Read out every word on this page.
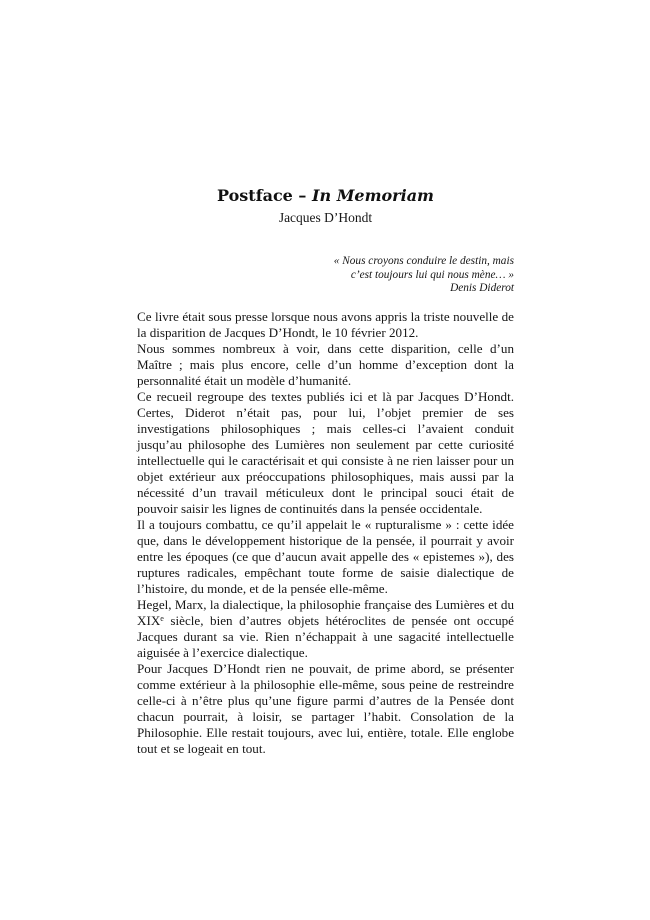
Postface – In Memoriam
Jacques D’Hondt
« Nous croyons conduire le destin, mais
c’est toujours lui qui nous mène… »
Denis Diderot

Ce livre était sous presse lorsque nous avons appris la triste nouvelle de la disparition de Jacques D’Hondt, le 10 février 2012.

Nous sommes nombreux à voir, dans cette disparition, celle d’un Maître ; mais plus encore, celle d’un homme d’exception dont la personnalité était un modèle d’humanité.

Ce recueil regroupe des textes publiés ici et là par Jacques D’Hondt. Certes, Diderot n’était pas, pour lui, l’objet premier de ses investigations philosophiques ; mais celles-ci l’avaient conduit jusqu’au philosophe des Lumières non seulement par cette curiosité intellectuelle qui le caractérisait et qui consiste à ne rien laisser pour un objet extérieur aux préoccupations philosophiques, mais aussi par la nécessité d’un travail méticuleux dont le principal souci était de pouvoir saisir les lignes de continuités dans la pensée occidentale.

Il a toujours combattu, ce qu’il appelait le « rupturalisme » : cette idée que, dans le développement historique de la pensée, il pourrait y avoir entre les époques (ce que d’aucun avait appelle des « epistemes »), des ruptures radicales, empêchant toute forme de saisie dialectique de l’histoire, du monde, et de la pensée elle-même.

Hegel, Marx, la dialectique, la philosophie française des Lumières et du XIXe siècle, bien d’autres objets hétéroclites de pensée ont occupé Jacques durant sa vie. Rien n’échappait à une sagacité intellectuelle aiguisée à l’exercice dialectique.

Pour Jacques D’Hondt rien ne pouvait, de prime abord, se présenter comme extérieur à la philosophie elle-même, sous peine de restreindre celle-ci à n’être plus qu’une figure parmi d’autres de la Pensée dont chacun pourrait, à loisir, se partager l’habit. Consolation de la Philosophie. Elle restait toujours, avec lui, entière, totale. Elle englobe tout et se logeait en tout.
